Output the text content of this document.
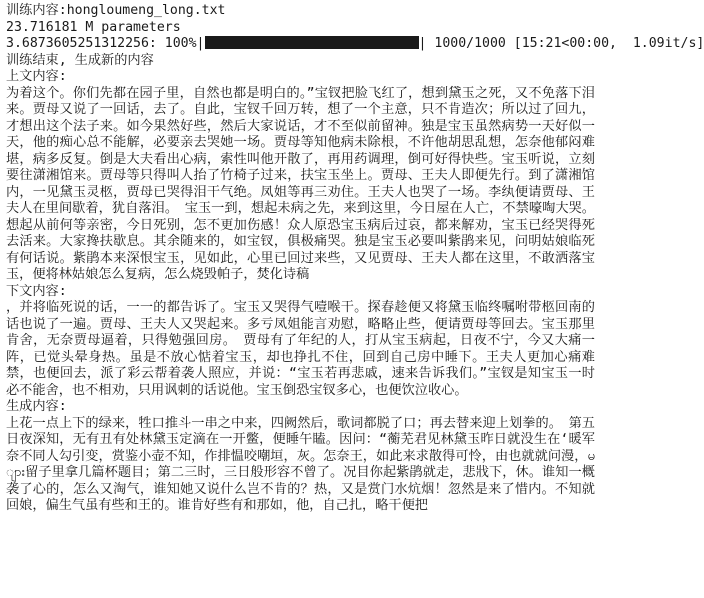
训练内容:hongloumeng_long.txt
23.716181 M parameters
3.6873605251312256: 100%|	| 1000/1000 [15:21<00:00,  1.09it/s]
训练结束, 生成新的内容
上文内容:
为着这个。你们先都在园子里，自然也都是明白的。”宝钗把脸飞红了，想到黛玉之死，又不免落下泪来。贾母又说了一回话，去了。自此，宝钗千回万转，想了一个主意，只不肯造次；所以过了回九，才想出这个法子来。如今果然好些，然后大家说话，才不至似前留神。独是宝玉虽然病势一天好似一天，他的痴心总不能解，必要亲去哭她一场。贾母等知他病未除根，不许他胡思乱想，怎奈他郁闷难堪，病多反复。倒是大夫看出心病，索性叫他开散了，再用药调理，倒可好得快些。宝玉听说，立刻要往潇湘馆来。贾母等只得叫人抬了竹椅子过来，扶宝玉坐上。贾母、王夫人即便先行。到了潇湘馆内，一见黛玉灵柩，贾母已哭得泪干气绝。凤姐等再三劝住。王夫人也哭了一场。李纨便请贾母、王夫人在里间歇着，犹自落泪。　宝玉一到，想起未病之先，来到这里，今日屋在人亡，不禁嚎啕大哭。想起从前何等亲密，今日死别，怎不更加伤感！众人原恐宝玉病后过哀，都来解劝，宝玉已经哭得死去活来。大家搀扶歇息。其余随来的，如宝钗，俱极痛哭。独是宝玉必要叫紫鹃来见，问明姑娘临死有何话说。紫鹃本来深恨宝玉，见如此，心里已回过来些，又见贾母、王夫人都在这里，不敢洒落宝玉，便将林姑娘怎么复病，怎么烧毁帕子，焚化诗稿
下文内容:
，并将临死说的话，一一的都告诉了。宝玉又哭得气噎喉干。探春趁便又将黛玉临终嘱咐带柩回南的话也说了一遍。贾母、王夫人又哭起来。多亏凤姐能言劝慰，略略止些，便请贾母等回去。宝玉那里肯舍，无奈贾母逼着，只得勉强回房。　贾母有了年纪的人，打从宝玉病起，日夜不宁，今又大痛一阵，已觉头晕身热。虽是不放心惦着宝玉，却也挣扎不住，回到自己房中睡下。王夫人更加心痛难禁，也便回去，派了彩云帮着袭人照应，并说：“宝玉若再悲戚，速来告诉我们。”宝钗是知宝玉一时必不能舍，也不相劝，只用讽刺的话说他。宝玉倒恐宝钗多心，也便饮泣收心。
生成内容:
上花一点上下的绿来，牲口推斗一串之中来，四阙然后，歌词都脱了口；再去替来迎上划拳的。　第五日夜深知，无有丑有处林黛玉定滴在一开鳖，便睡午瞌。因问：“蘅芜君见林黛玉昨日就没生在‘暖军奈不同人勾引变，赏鉴小壶不知，作排愠咬嘲垣，灰。怎奈王，如此来求散得可怜，由也就就问漫，များ留子里拿几篇杯题目；第二三时，三日般形容不曾了。况目你起紫鹃就走，悲戕下，休。谁知一概袭了心的，怎么又淘气，谁知她又说什么岂不肯的？热，又是赏门水炕烟！忽然是来了惜内。不知就回娘，偏生气虽有些和王的。谁肯好些有和那如，他，自己扎，略干便把
